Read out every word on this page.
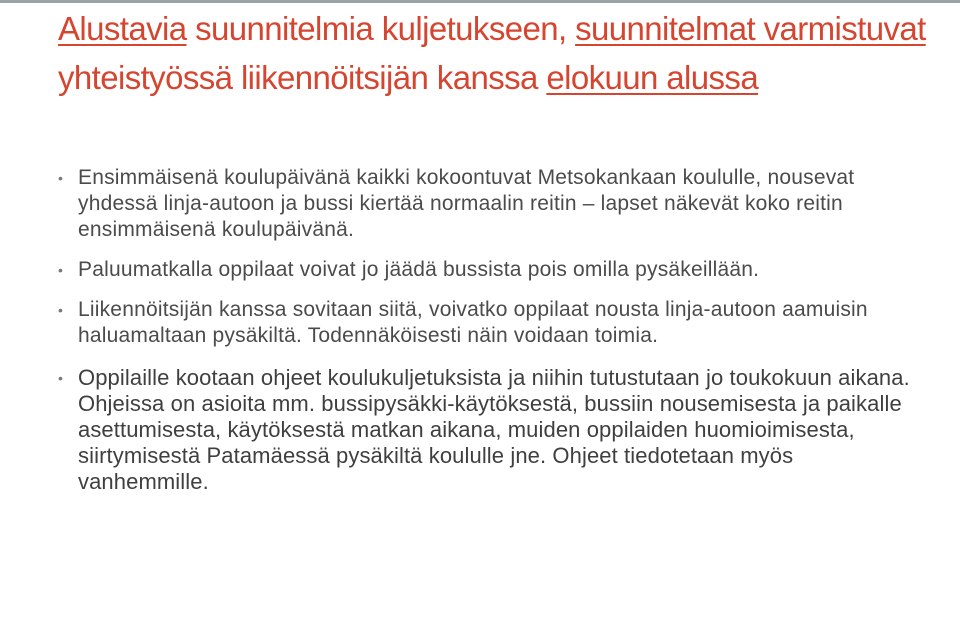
Alustavia suunnitelmia kuljetukseen, suunnitelmat varmistuvat yhteistyössä liikennöitsijän kanssa elokuun alussa
• Ensimmäisenä koulupäivänä kaikki kokoontuvat Metsokankaan koululle, nousevat yhdessä linja-autoon ja bussi kiertää normaalin reitin – lapset näkevät koko reitin ensimmäisenä koulupäivänä.
• Paluumatkalla oppilaat voivat jo jäädä bussista pois omilla pysäkeillään.
• Liikennöitsijän kanssa sovitaan siitä, voivatko oppilaat nousta linja-autoon aamuisin haluamaltaan pysäkiltä. Todennäköisesti näin voidaan toimia.
• Oppilaille kootaan ohjeet koulukuljetuksista ja niihin tutustutaan jo toukokuun aikana. Ohjeissa on asioita mm. bussipysäkki-käytöksestä, bussiin nousemisesta ja paikalle asettumisesta, käytöksestä matkan aikana, muiden oppilaiden huomioimisesta, siirtymisestä Patamäessä pysäkiltä koululle jne. Ohjeet tiedotetaan myös vanhemmille.
